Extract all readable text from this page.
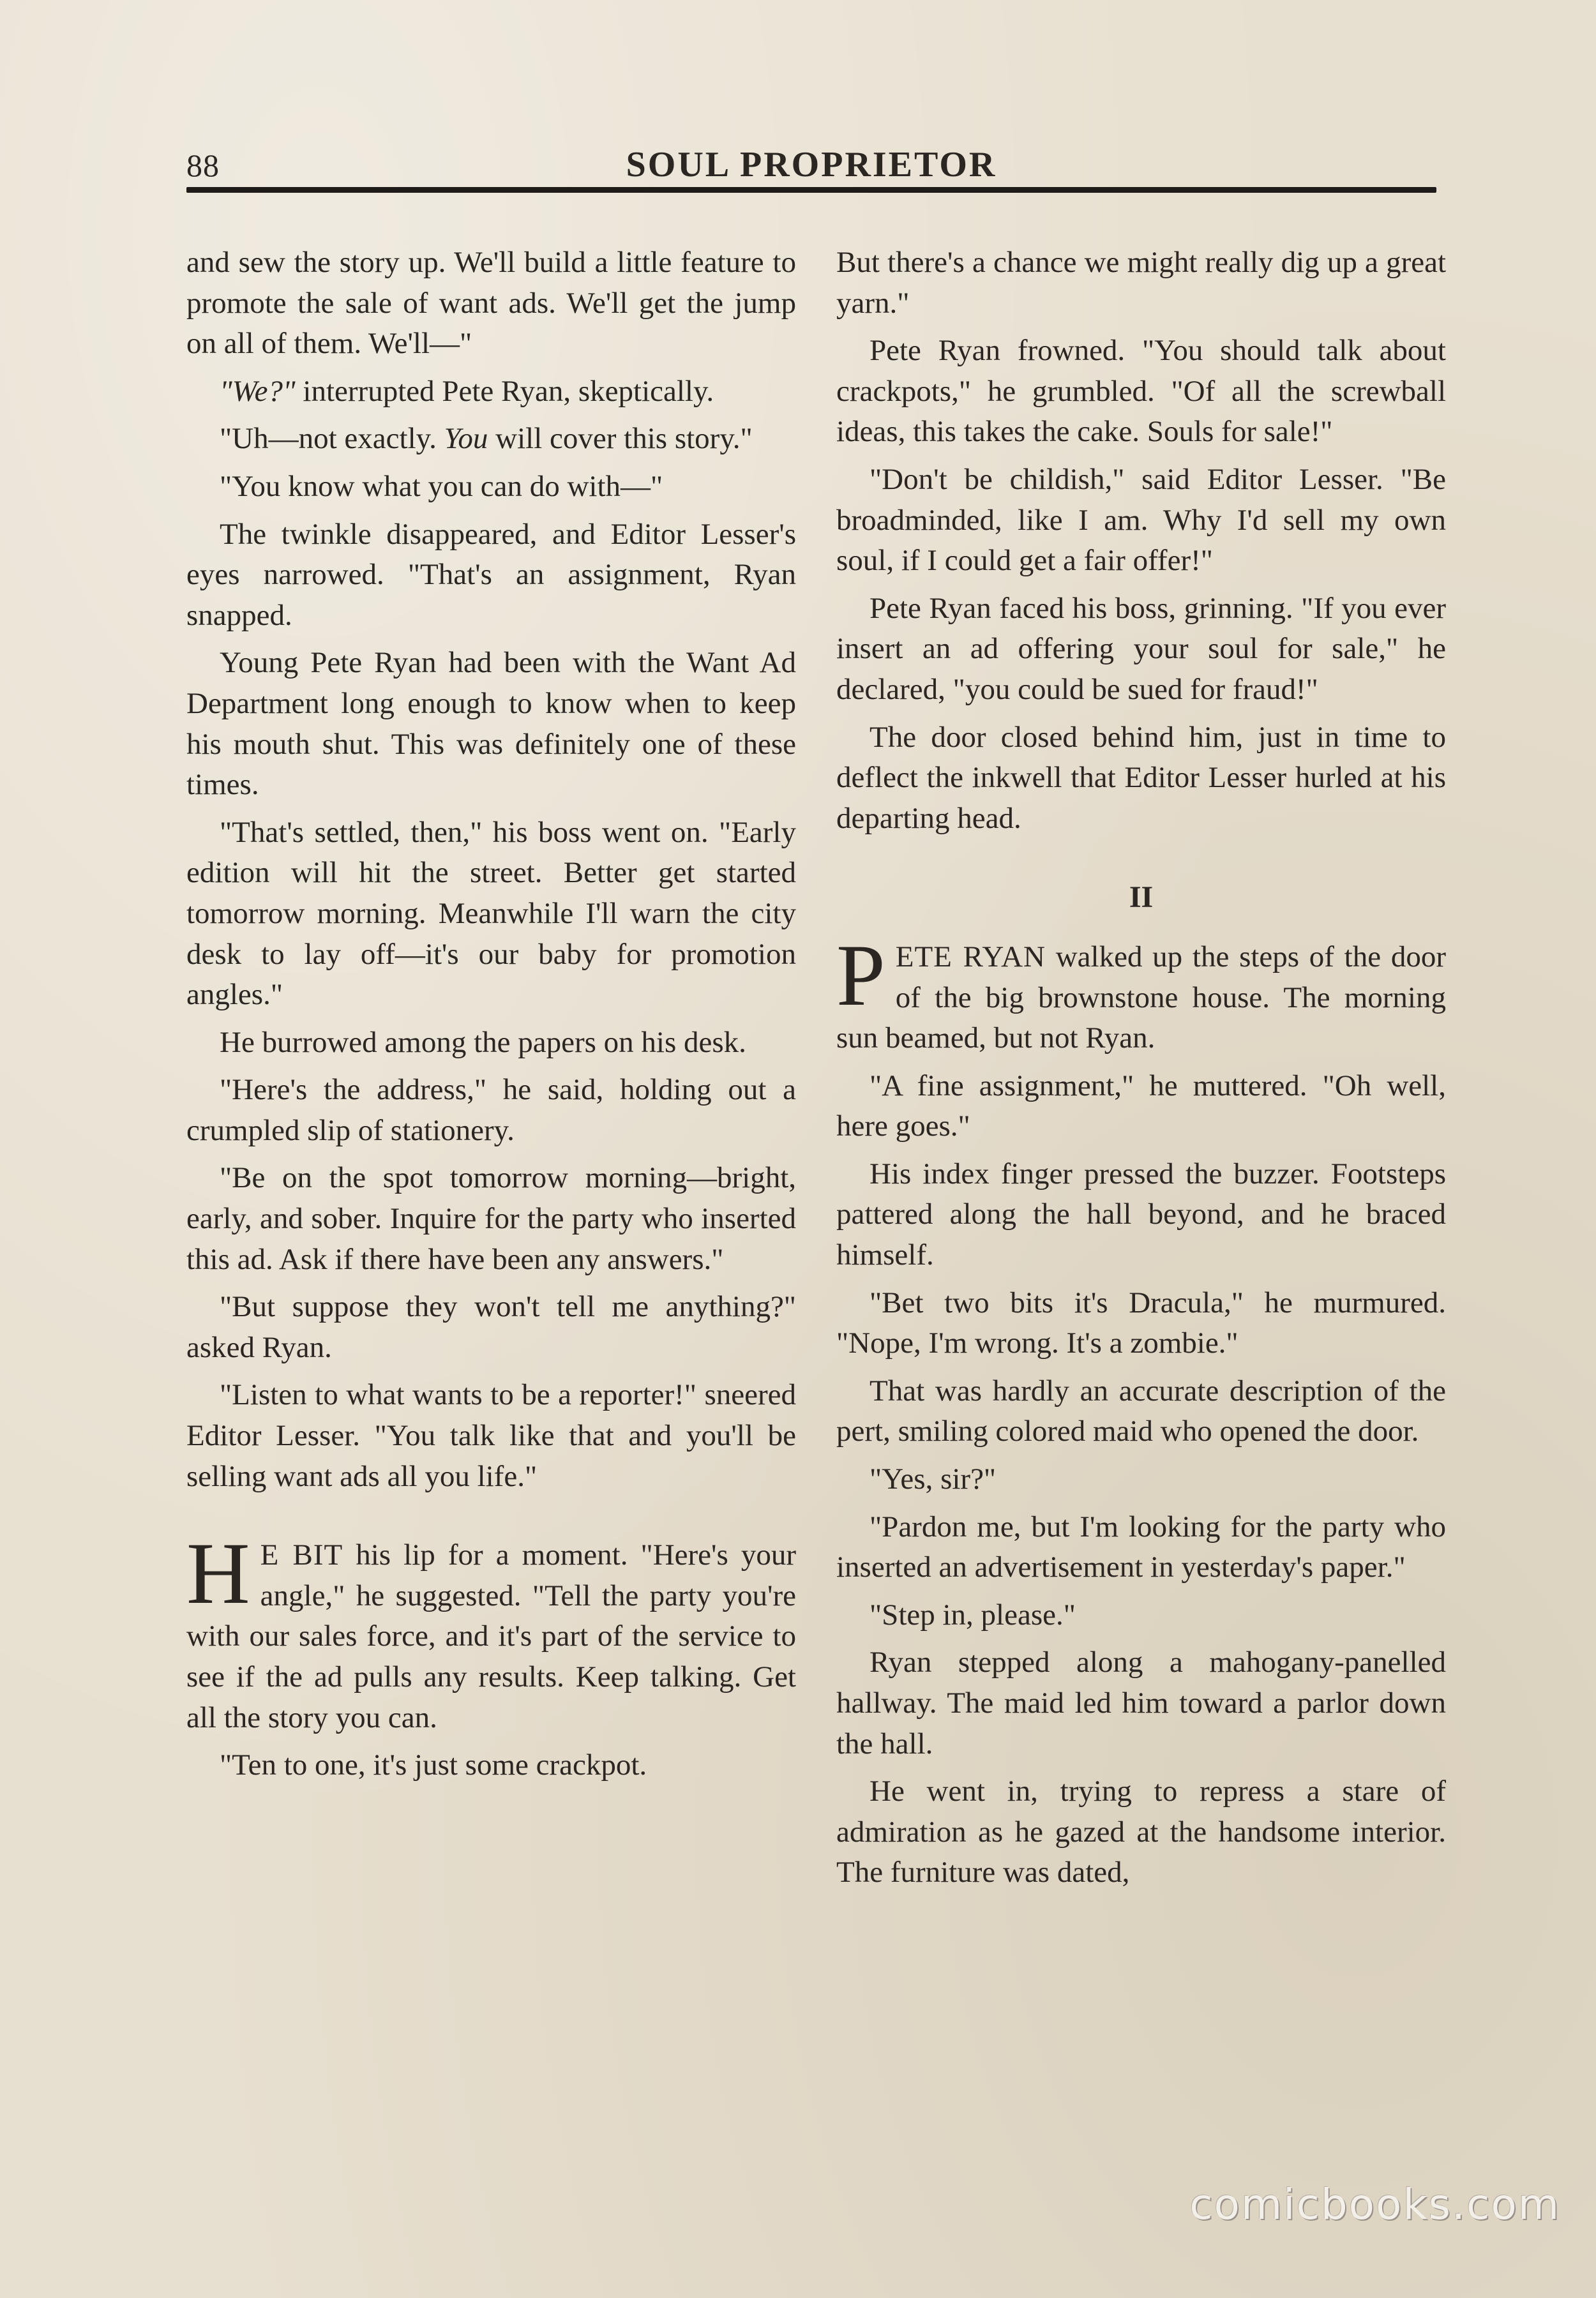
88	SOUL PROPRIETOR

and sew the story up. We'll build a little feature to promote the sale of want ads. We'll get the jump on all of them. We'll—"

"We?" interrupted Pete Ryan, skeptically.

"Uh—not exactly. You will cover this story."

"You know what you can do with—"

The twinkle disappeared, and Editor Lesser's eyes narrowed. "That's an assignment, Ryan snapped.

Young Pete Ryan had been with the Want Ad Department long enough to know when to keep his mouth shut. This was definitely one of these times.

"That's settled, then," his boss went on. "Early edition will hit the street. Better get started tomorrow morning. Meanwhile I'll warn the city desk to lay off—it's our baby for promotion angles."

He burrowed among the papers on his desk.

"Here's the address," he said, holding out a crumpled slip of stationery.

"Be on the spot tomorrow morning—bright, early, and sober. Inquire for the party who inserted this ad. Ask if there have been any answers."

"But suppose they won't tell me anything?" asked Ryan.

"Listen to what wants to be a reporter!" sneered Editor Lesser. "You talk like that and you'll be selling want ads all you life."

H E BIT his lip for a moment. "Here's your angle," he suggested. "Tell the party you're with our sales force, and it's part of the service to see if the ad pulls any results. Keep talking. Get all the story you can.

"Ten to one, it's just some crackpot.

But there's a chance we might really dig up a great yarn."

Pete Ryan frowned. "You should talk about crackpots," he grumbled. "Of all the screwball ideas, this takes the cake. Souls for sale!"

"Don't be childish," said Editor Lesser. "Be broadminded, like I am. Why I'd sell my own soul, if I could get a fair offer!"

Pete Ryan faced his boss, grinning. "If you ever insert an ad offering your soul for sale," he declared, "you could be sued for fraud!"

The door closed behind him, just in time to deflect the inkwell that Editor Lesser hurled at his departing head.

II

PETE RYAN walked up the steps of the door of the big brownstone house. The morning sun beamed, but not Ryan.

"A fine assignment," he muttered. "Oh well, here goes."

His index finger pressed the buzzer. Footsteps pattered along the hall beyond, and he braced himself.

"Bet two bits it's Dracula," he murmured. "Nope, I'm wrong. It's a zombie."

That was hardly an accurate description of the pert, smiling colored maid who opened the door.

"Yes, sir?"

"Pardon me, but I'm looking for the party who inserted an advertisement in yesterday's paper."

"Step in, please."

Ryan stepped along a mahogany-panelled hallway. The maid led him toward a parlor down the hall.

He went in, trying to repress a stare of admiration as he gazed at the handsome interior. The furniture was dated,

comicbooks.com
